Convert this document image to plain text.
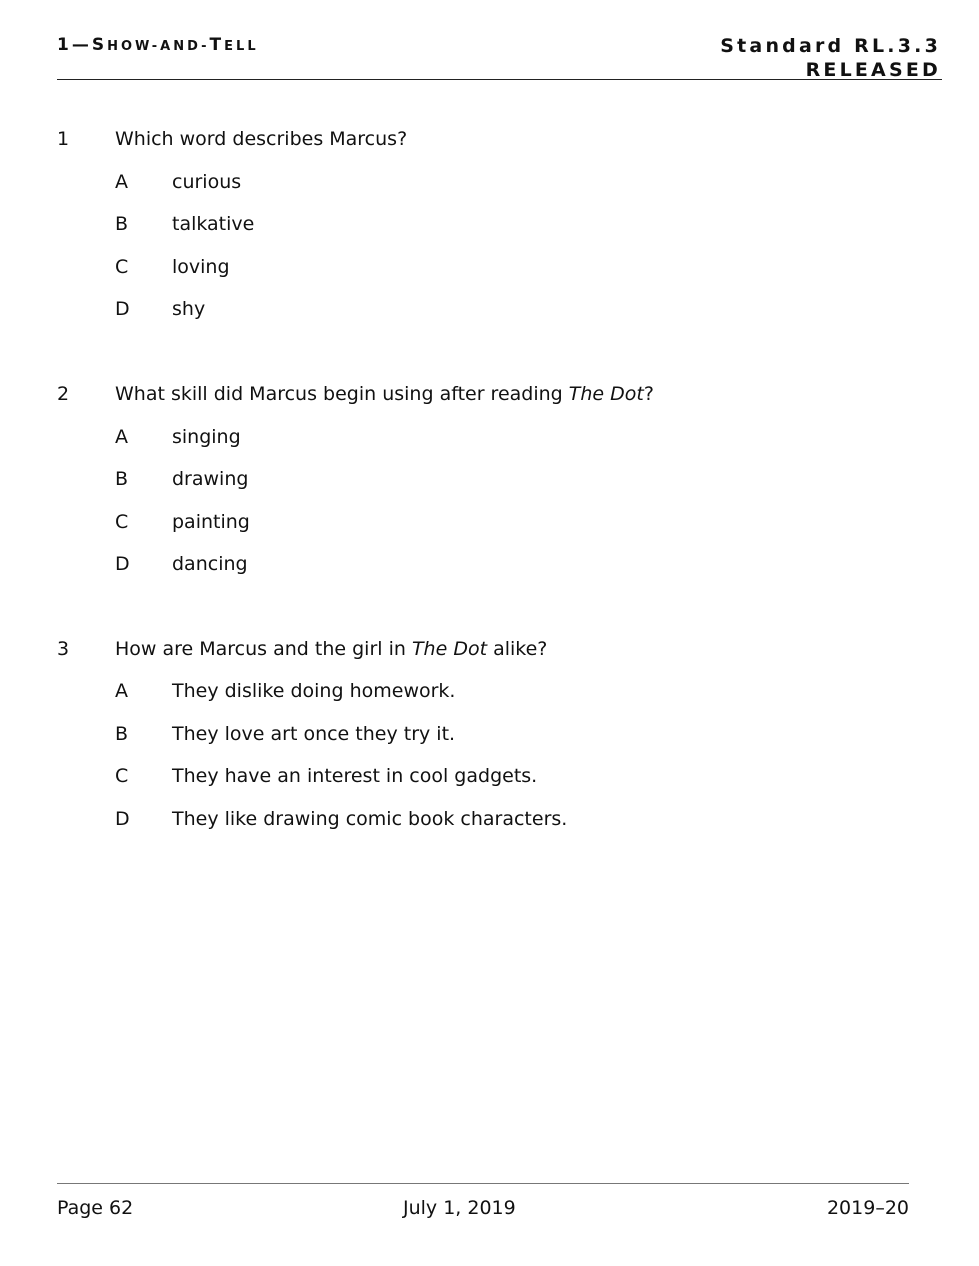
1—SHOW-AND-TELL	Standard RL.3.3
RELEASED
1 Which word describes Marcus?
A curious
B talkative
C loving
D shy
2 What skill did Marcus begin using after reading The Dot?
A singing
B drawing
C painting
D dancing
3 How are Marcus and the girl in The Dot alike?
A They dislike doing homework.
B They love art once they try it.
C They have an interest in cool gadgets.
D They like drawing comic book characters.
Page 62	July 1, 2019	2019–20
